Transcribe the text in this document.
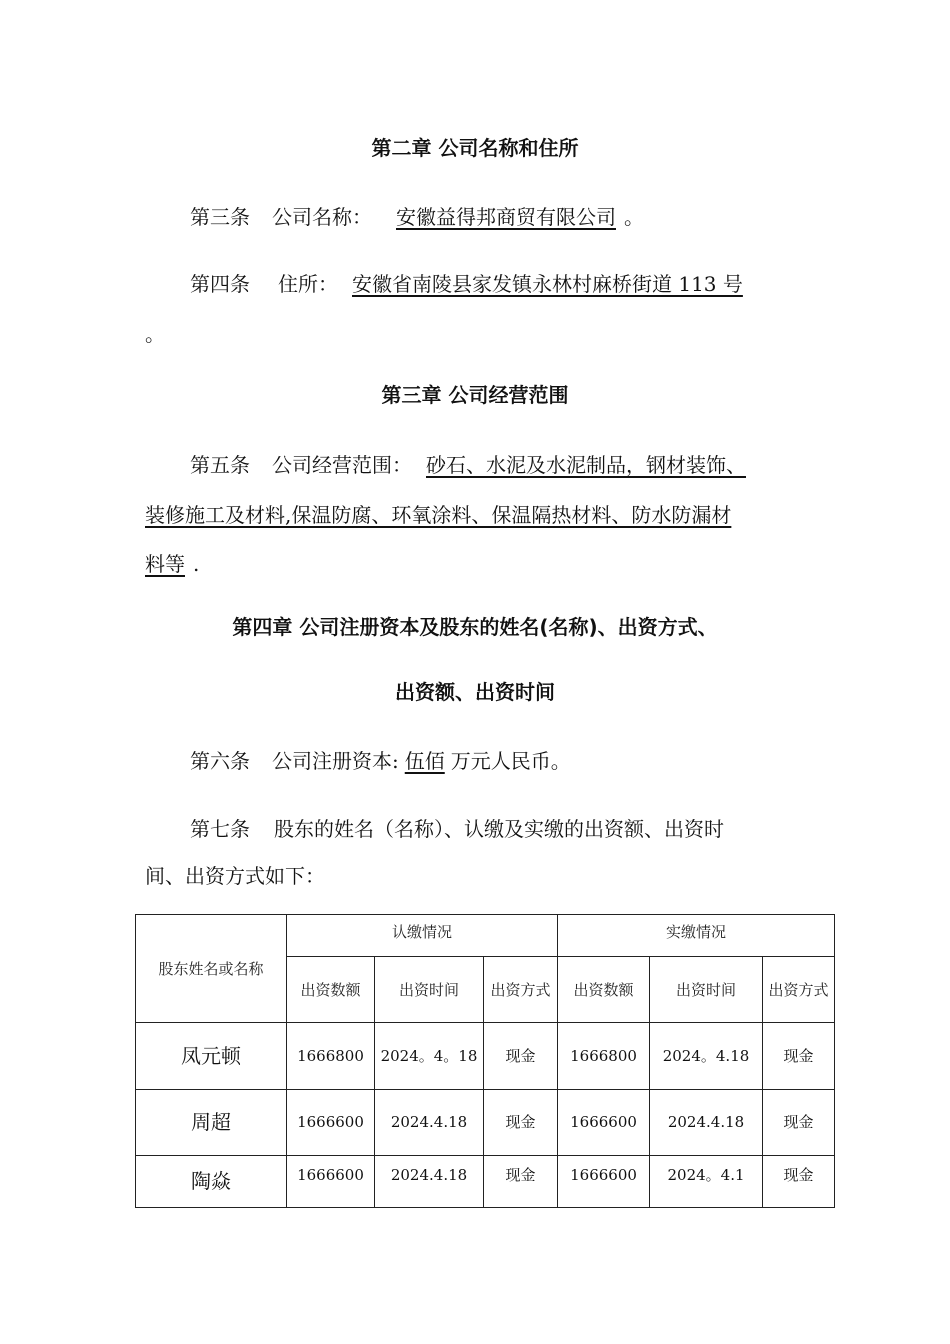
第二章 公司名称和住所
第三条 公司名称： 安徽益得邦商贸有限公司 。
第四条 住所： 安徽省南陵县家发镇永林村麻桥街道 113 号
。
第三章 公司经营范围
第五条 公司经营范围： 砂石、水泥及水泥制品，钢材装饰、
装修施工及材料,保温防腐、环氧涂料、保温隔热材料、防水防漏材
料等 .
第四章 公司注册资本及股东的姓名(名称)、出资方式、
出资额、出资时间
第六条 公司注册资本: 伍佰 万元人民币。
第七条 股东的姓名（名称）、认缴及实缴的出资额、出资时
间、出资方式如下：
股东姓名或名称	认缴情况			实缴情况		
	出资数额	出资时间	出资方式	出资数额	出资时间	出资方式
凤元顿	1666800	2024。4。18	现金	1666800	2024。4.18	现金
周超	1666600	2024.4.18	现金	1666600	2024.4.18	现金
陶焱	1666600	2024.4.18	现金	1666600	2024。4.1	现金
